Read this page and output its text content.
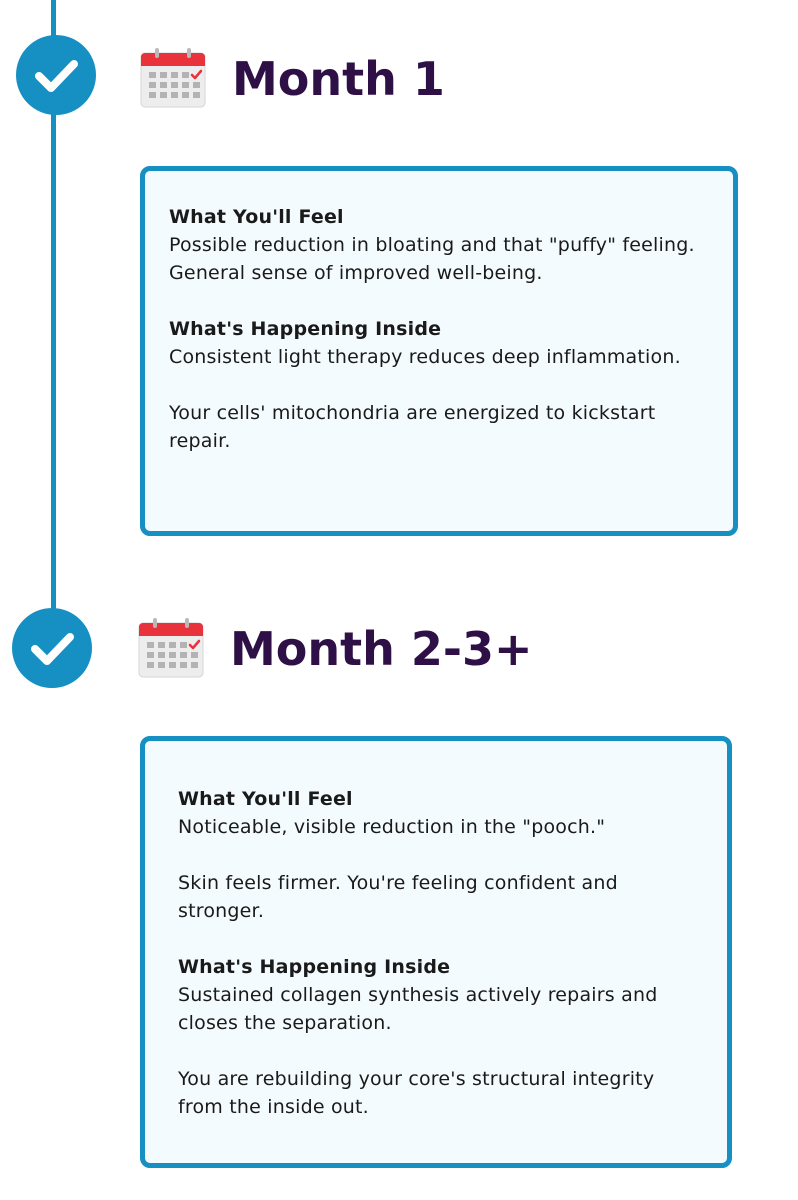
Month 1

What You'll Feel

Possible reduction in bloating and that "puffy" feeling. General sense of improved well-being.

What's Happening Inside

Consistent light therapy reduces deep inflammation.

Your cells' mitochondria are energized to kickstart repair.

Month 2-3+

What You'll Feel

Noticeable, visible reduction in the "pooch."

Skin feels firmer. You're feeling confident and stronger.

What's Happening Inside

Sustained collagen synthesis actively repairs and closes the separation.

You are rebuilding your core's structural integrity from the inside out.
